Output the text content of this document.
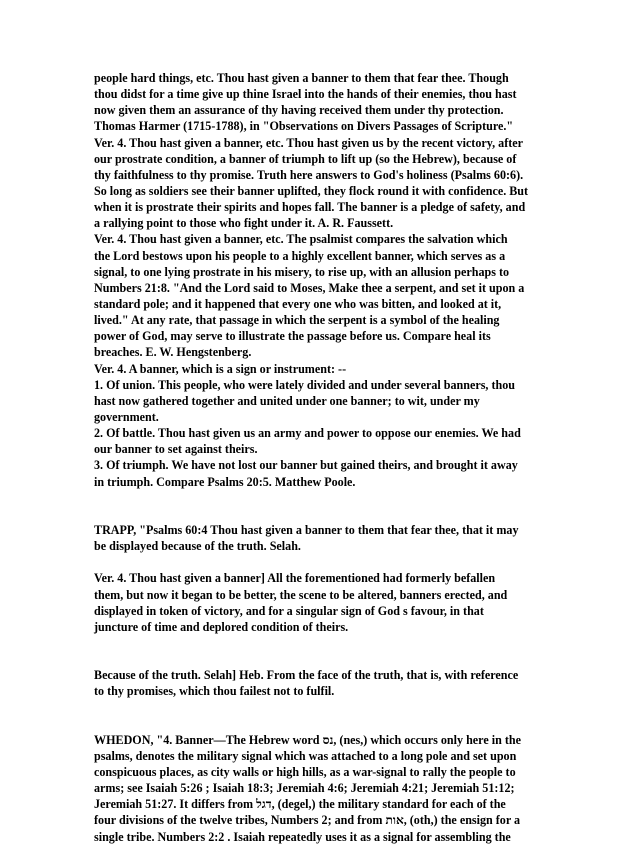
people hard things, etc. Thou hast given a banner to them that fear thee. Though
thou didst for a time give up thine Israel into the hands of their enemies, thou hast
now given them an assurance of thy having received them under thy protection.
Thomas Harmer (1715-1788), in "Observations on Divers Passages of Scripture."
Ver. 4. Thou hast given a banner, etc. Thou hast given us by the recent victory, after
our prostrate condition, a banner of triumph to lift up (so the Hebrew), because of
thy faithfulness to thy promise. Truth here answers to God's holiness (Psalms 60:6).
So long as soldiers see their banner uplifted, they flock round it with confidence. But
when it is prostrate their spirits and hopes fall. The banner is a pledge of safety, and
a rallying point to those who fight under it. A. R. Faussett.
Ver. 4. Thou hast given a banner, etc. The psalmist compares the salvation which
the Lord bestows upon his people to a highly excellent banner, which serves as a
signal, to one lying prostrate in his misery, to rise up, with an allusion perhaps to
Numbers 21:8. "And the Lord said to Moses, Make thee a serpent, and set it upon a
standard pole; and it happened that every one who was bitten, and looked at it,
lived." At any rate, that passage in which the serpent is a symbol of the healing
power of God, may serve to illustrate the passage before us. Compare heal its
breaches. E. W. Hengstenberg.
Ver. 4. A banner, which is a sign or instrument: --
1. Of union. This people, who were lately divided and under several banners, thou
hast now gathered together and united under one banner; to wit, under my
government.
2. Of battle. Thou hast given us an army and power to oppose our enemies. We had
our banner to set against theirs.
3. Of triumph. We have not lost our banner but gained theirs, and brought it away
in triumph. Compare Psalms 20:5. Matthew Poole.
TRAPP, "Psalms 60:4 Thou hast given a banner to them that fear thee, that it may
be displayed because of the truth. Selah.
Ver. 4. Thou hast given a banner] All the forementioned had formerly befallen
them, but now it began to be better, the scene to be altered, banners erected, and
displayed in token of victory, and for a singular sign of God s favour, in that
juncture of time and deplored condition of theirs.
Because of the truth. Selah] Heb. From the face of the truth, that is, with reference
to thy promises, which thou failest not to fulfil.
WHEDON, "4. Banner—The Hebrew word נס, (nes,) which occurs only here in the
psalms, denotes the military signal which was attached to a long pole and set upon
conspicuous places, as city walls or high hills, as a war-signal to rally the people to
arms; see Isaiah 5:26 ; Isaiah 18:3; Jeremiah 4:6; Jeremiah 4:21; Jeremiah 51:12;
Jeremiah 51:27. It differs from דגל, (degel,) the military standard for each of the
four divisions of the twelve tribes, Numbers 2; and from אות, (oth,) the ensign for a
single tribe. Numbers 2:2 . Isaiah repeatedly uses it as a signal for assembling the
